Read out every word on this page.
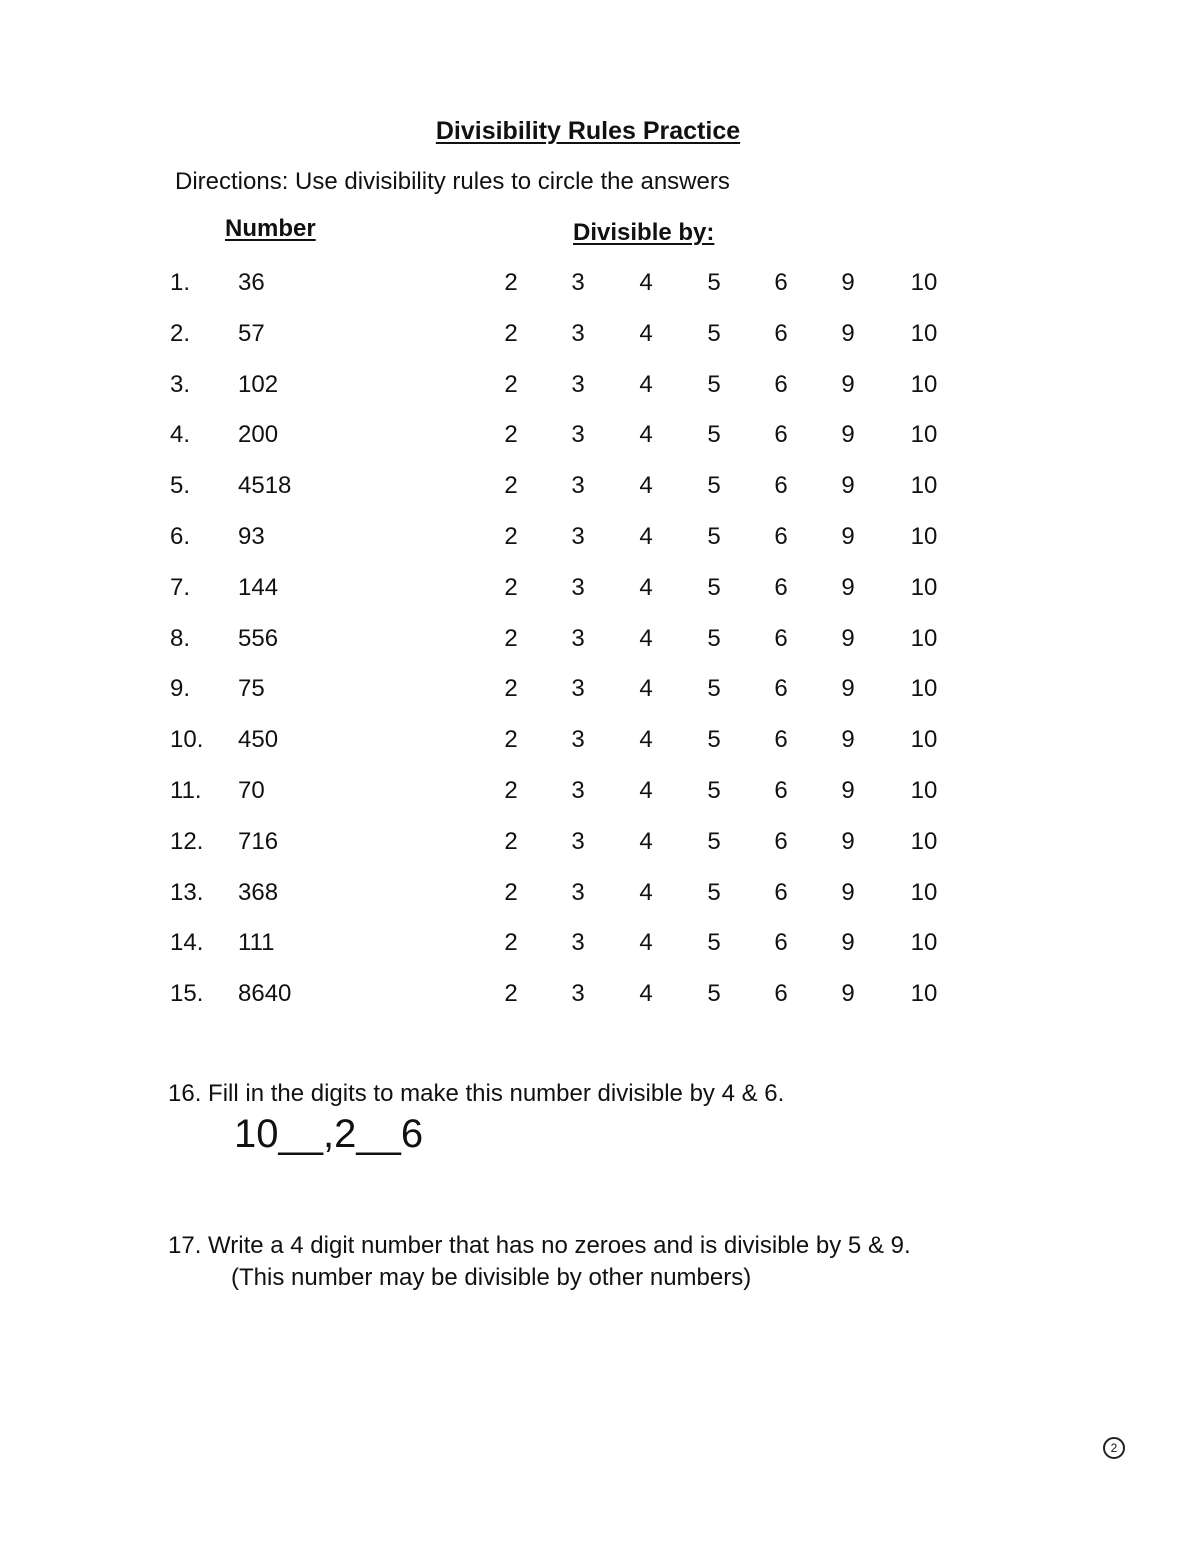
Divisibility Rules Practice
Directions: Use divisibility rules to circle the answers
Number	Divisible by:
1. 36	2	3	4	5	6	9	10
2. 57	2	3	4	5	6	9	10
3. 102	2	3	4	5	6	9	10
4. 200	2	3	4	5	6	9	10
5. 4518	2	3	4	5	6	9	10
6. 93	2	3	4	5	6	9	10
7. 144	2	3	4	5	6	9	10
8. 556	2	3	4	5	6	9	10
9. 75	2	3	4	5	6	9	10
10. 450	2	3	4	5	6	9	10
11. 70	2	3	4	5	6	9	10
12. 716	2	3	4	5	6	9	10
13. 368	2	3	4	5	6	9	10
14. 111	2	3	4	5	6	9	10
15. 8640	2	3	4	5	6	9	10
16. Fill in the digits to make this number divisible by 4 & 6.
10__,2__6
17. Write a 4 digit number that has no zeroes and is divisible by 5 & 9.
(This number may be divisible by other numbers)
2
